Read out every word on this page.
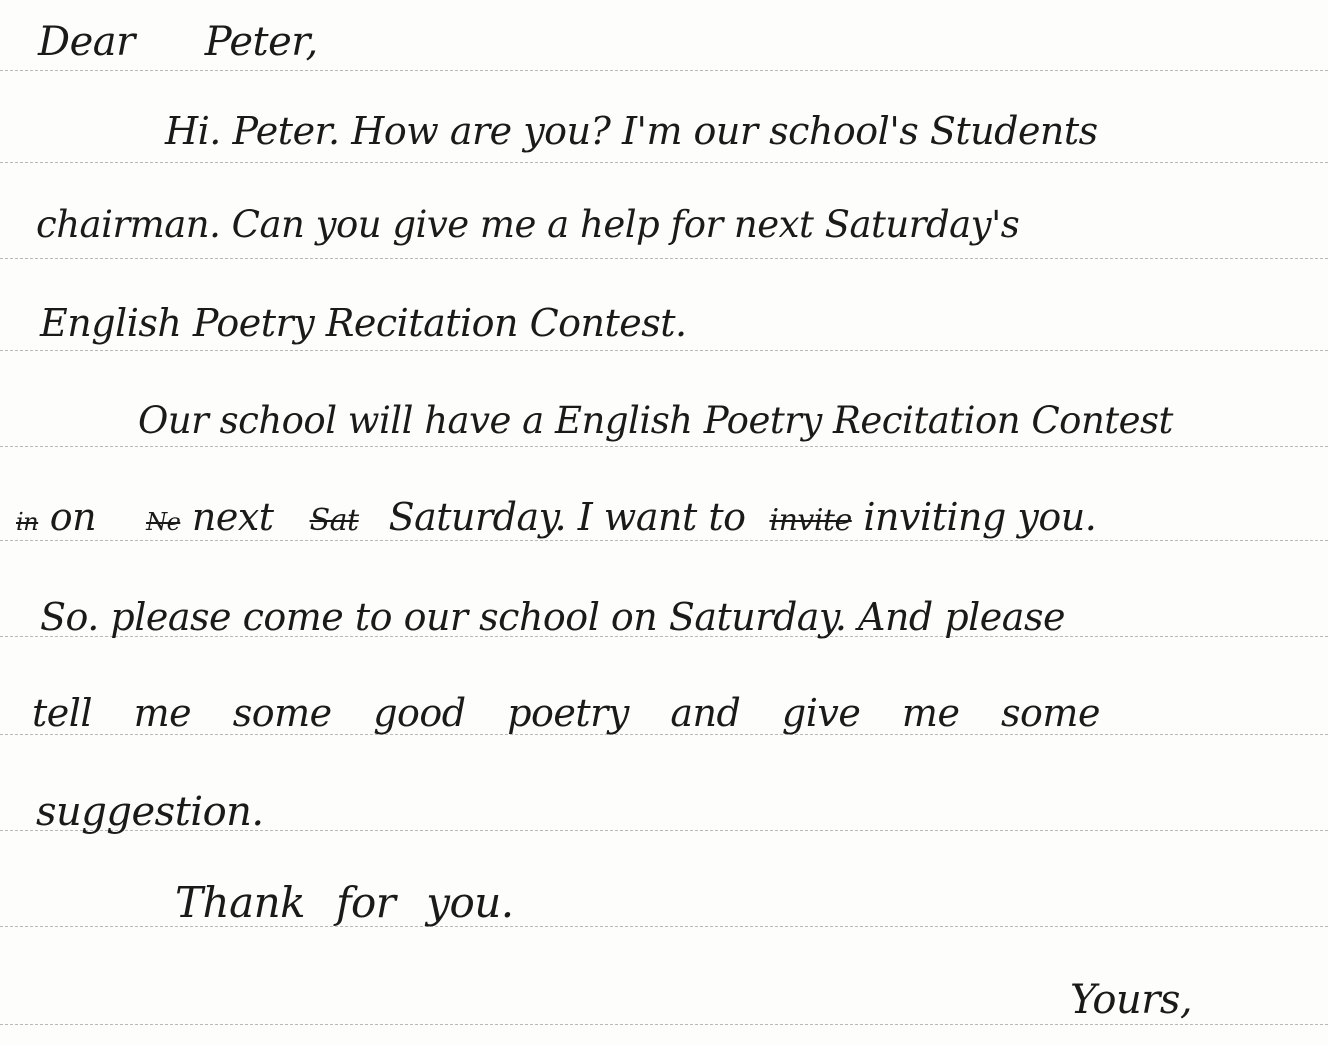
Dear Peter,
Hi. Peter. How are you? I'm our school's Students
chairman. Can you give me a help for next Saturday's
English Poetry Recitation Contest.
Our school will have a English Poetry Recitation Contest
in on Ne next Sat Saturday. I want to invite inviting you.
So. please come to our school on Saturday. And please
tell me some good poetry and give me some
suggestion.
Thank for you.
Yours,
